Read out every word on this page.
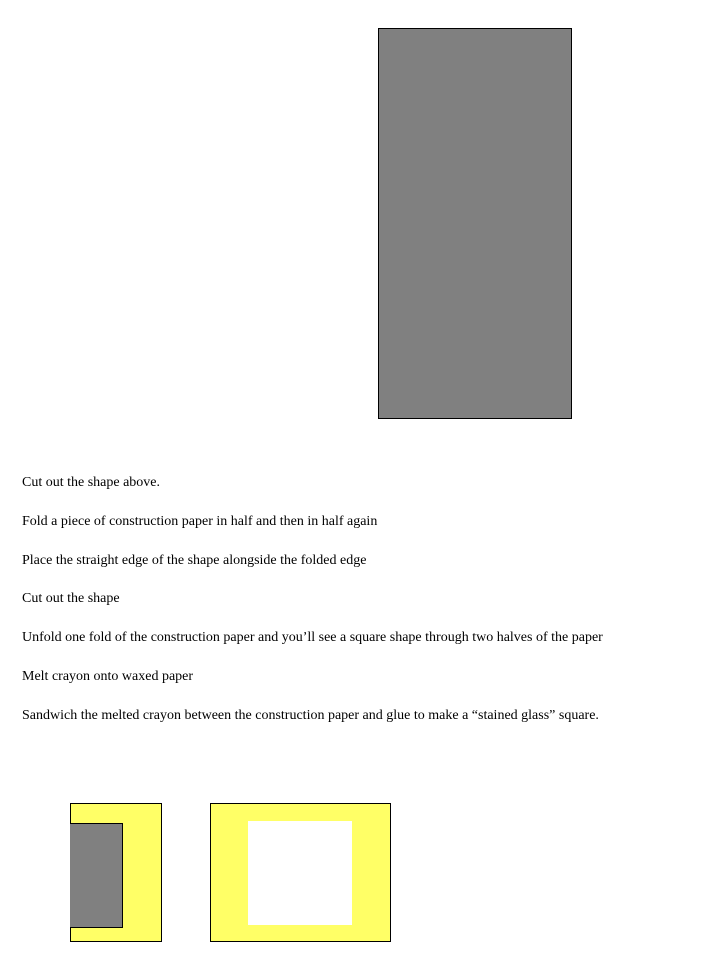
Cut out the shape above.

Fold a piece of construction paper in half and then in half again

Place the straight edge of the shape alongside the folded edge

Cut out the shape

Unfold one fold of the construction paper and you’ll see a square shape through two halves of the paper

Melt crayon onto waxed paper

Sandwich the melted crayon between the construction paper and glue to make a “stained glass” square.
